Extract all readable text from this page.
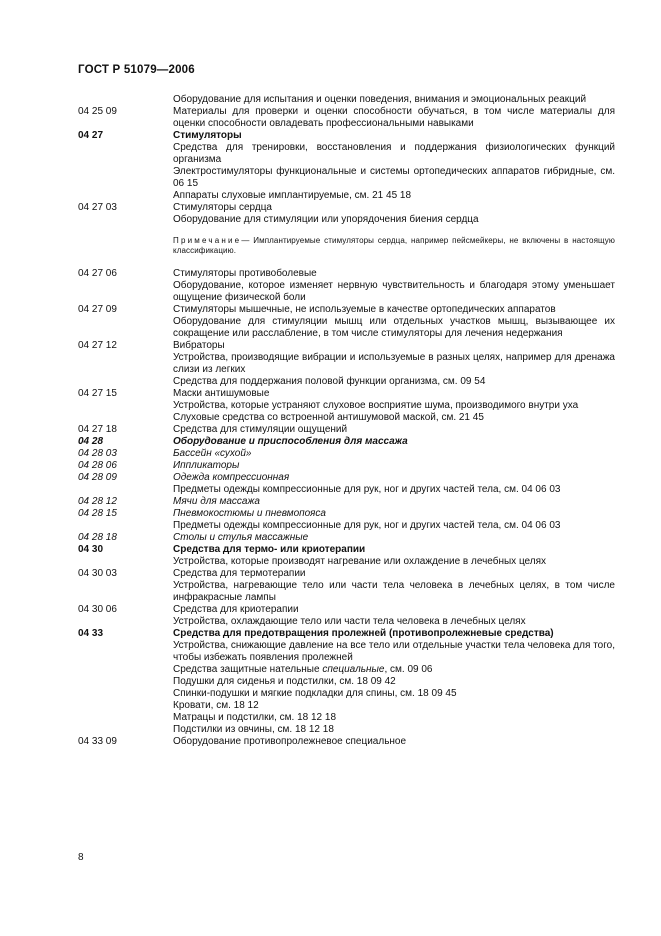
ГОСТ Р 51079—2006
Оборудование для испытания и оценки поведения, внимания и эмоциональных реакций
04 25 09	Материалы для проверки и оценки способности обучаться, в том числе материалы для оценки способности овладевать профессиональными навыками
04 27	Стимуляторы
Средства для тренировки, восстановления и поддержания физиологических функций организма
Электростимуляторы функциональные и системы ортопедических аппаратов гибридные, см. 06 15
Аппараты слуховые имплантируемые, см. 21 45 18
04 27 03	Стимуляторы сердца
Оборудование для стимуляции или упорядочения биения сердца
Примечание— Имплантируемые стимуляторы сердца, например пейсмейкеры, не включены в настоящую классификацию.
04 27 06	Стимуляторы противоболевые
Оборудование, которое изменяет нервную чувствительность и благодаря этому уменьшает ощущение физической боли
04 27 09	Стимуляторы мышечные, не используемые в качестве ортопедических аппаратов
Оборудование для стимуляции мышц или отдельных участков мышц, вызывающее их сокращение или расслабление, в том числе стимуляторы для лечения недержания
04 27 12	Вибраторы
Устройства, производящие вибрации и используемые в разных целях, например для дренажа слизи из легких
Средства для поддержания половой функции организма, см. 09 54
04 27 15	Маски антишумовые
Устройства, которые устраняют слуховое восприятие шума, производимого внутри уха
Слуховые средства со встроенной антишумовой маской, см. 21 45
04 27 18	Средства для стимуляции ощущений
04 28	Оборудование и приспособления для массажа
04 28 03	Бассейн «сухой»
04 28 06	Иппликаторы
04 28 09	Одежда компрессионная
Предметы одежды компрессионные для рук, ног и других частей тела, см. 04 06 03
04 28 12	Мячи для массажа
04 28 15	Пневмокостюмы и пневмопояса
Предметы одежды компрессионные для рук, ног и других частей тела, см. 04 06 03
04 28 18	Столы и стулья массажные
04 30	Средства для термо- или криотерапии
Устройства, которые производят нагревание или охлаждение в лечебных целях
04 30 03	Средства для термотерапии
Устройства, нагревающие тело или части тела человека в лечебных целях, в том числе инфракрасные лампы
04 30 06	Средства для криотерапии
Устройства, охлаждающие тело или части тела человека в лечебных целях
04 33	Средства для предотвращения пролежней (противопролежневые средства)
Устройства, снижающие давление на все тело или отдельные участки тела человека для того, чтобы избежать появления пролежней
Средства защитные нательные специальные, см. 09 06
Подушки для сиденья и подстилки, см. 18 09 42
Спинки-подушки и мягкие подкладки для спины, см. 18 09 45
Кровати, см. 18 12
Матрацы и подстилки, см. 18 12 18
Подстилки из овчины, см. 18 12 18
04 33 09	Оборудование противопролежневое специальное
8
